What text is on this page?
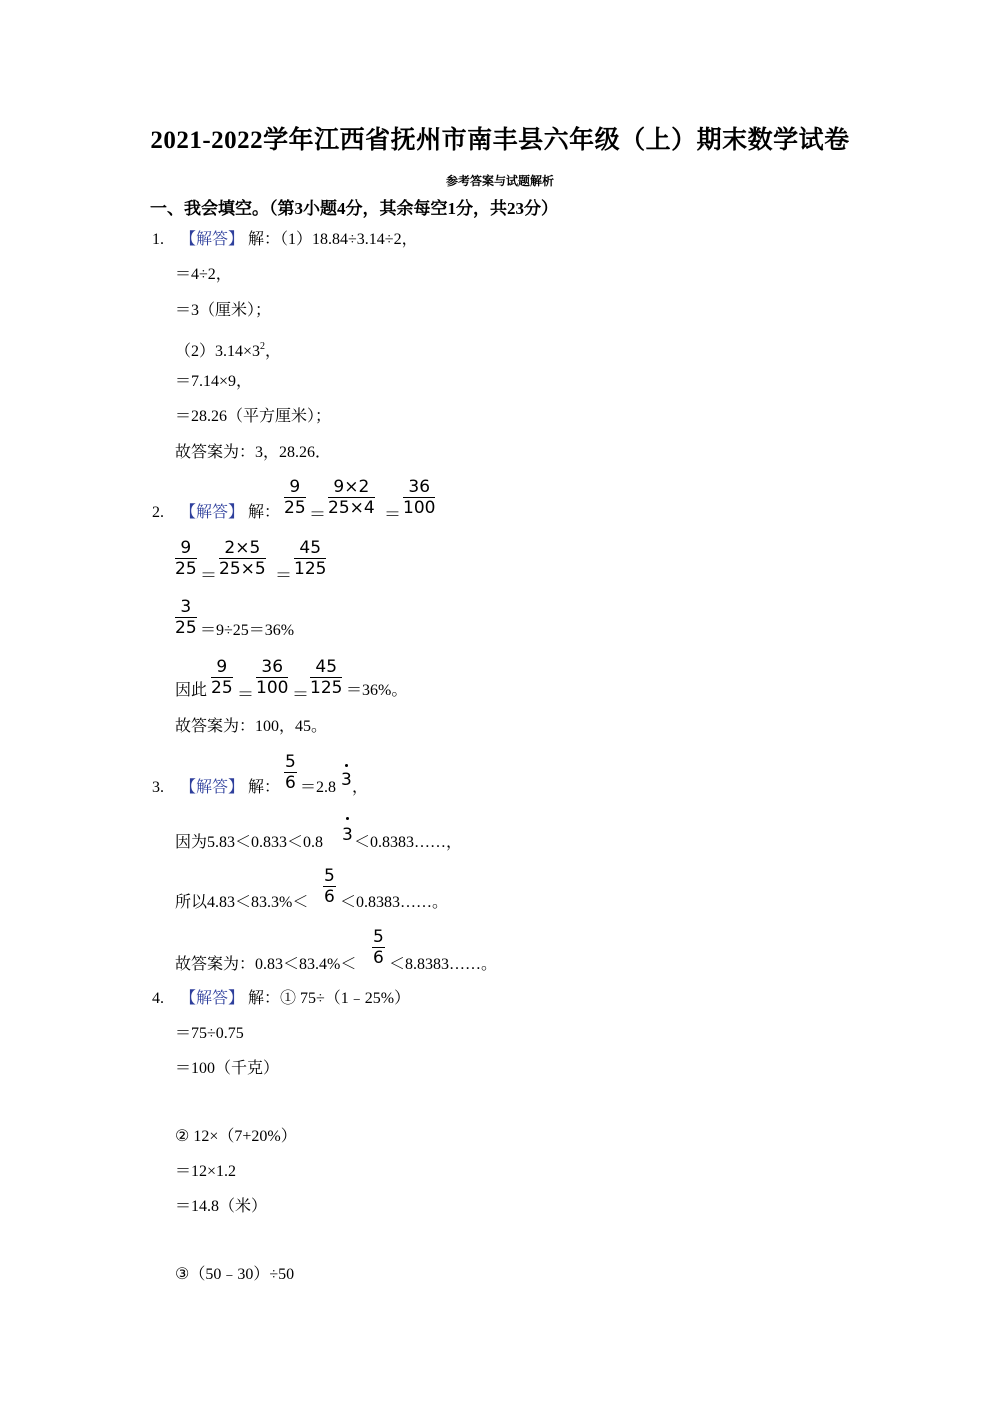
2021-2022学年江西省抚州市南丰县六年级（上）期末数学试卷
参考答案与试题解析
一、我会填空。（第3小题4分，其余每空1分，共23分）
1. 【解答】 解：（1）18.84÷3.14÷2，
＝4÷2，
＝3（厘米）；
$(2)3.14\times 3^2$，
＝7.14×9，
＝28.26（平方厘米）；
故答案为：3，28.26．
2. 【解答】 解：
9
25 ＝
9×2
25×4 ＝
36
100
9
25 ＝
2×5
25×5 ＝
45
125
3
25 ＝9÷25＝36%
因此
9
25 ＝
36
100 ＝
45
125 ＝36%。
故答案为：100，45。
3. 【解答】 解：
5
6 ＝2.8 3 ，
因为5.83＜0.833＜0.8 3 ＜0.8383……，
所以4.83＜83.3%＜
5
6 ＜0.8383……。
故答案为：0.83＜83.4%＜
5
6 ＜8.8383……。
4. 【解答】 解：① 75÷（1﹣25%）
＝75÷0.75
＝100（千克）
② 12×（7+20%）
＝12×1.2
＝14.8（米）
③（50﹣30）÷50
